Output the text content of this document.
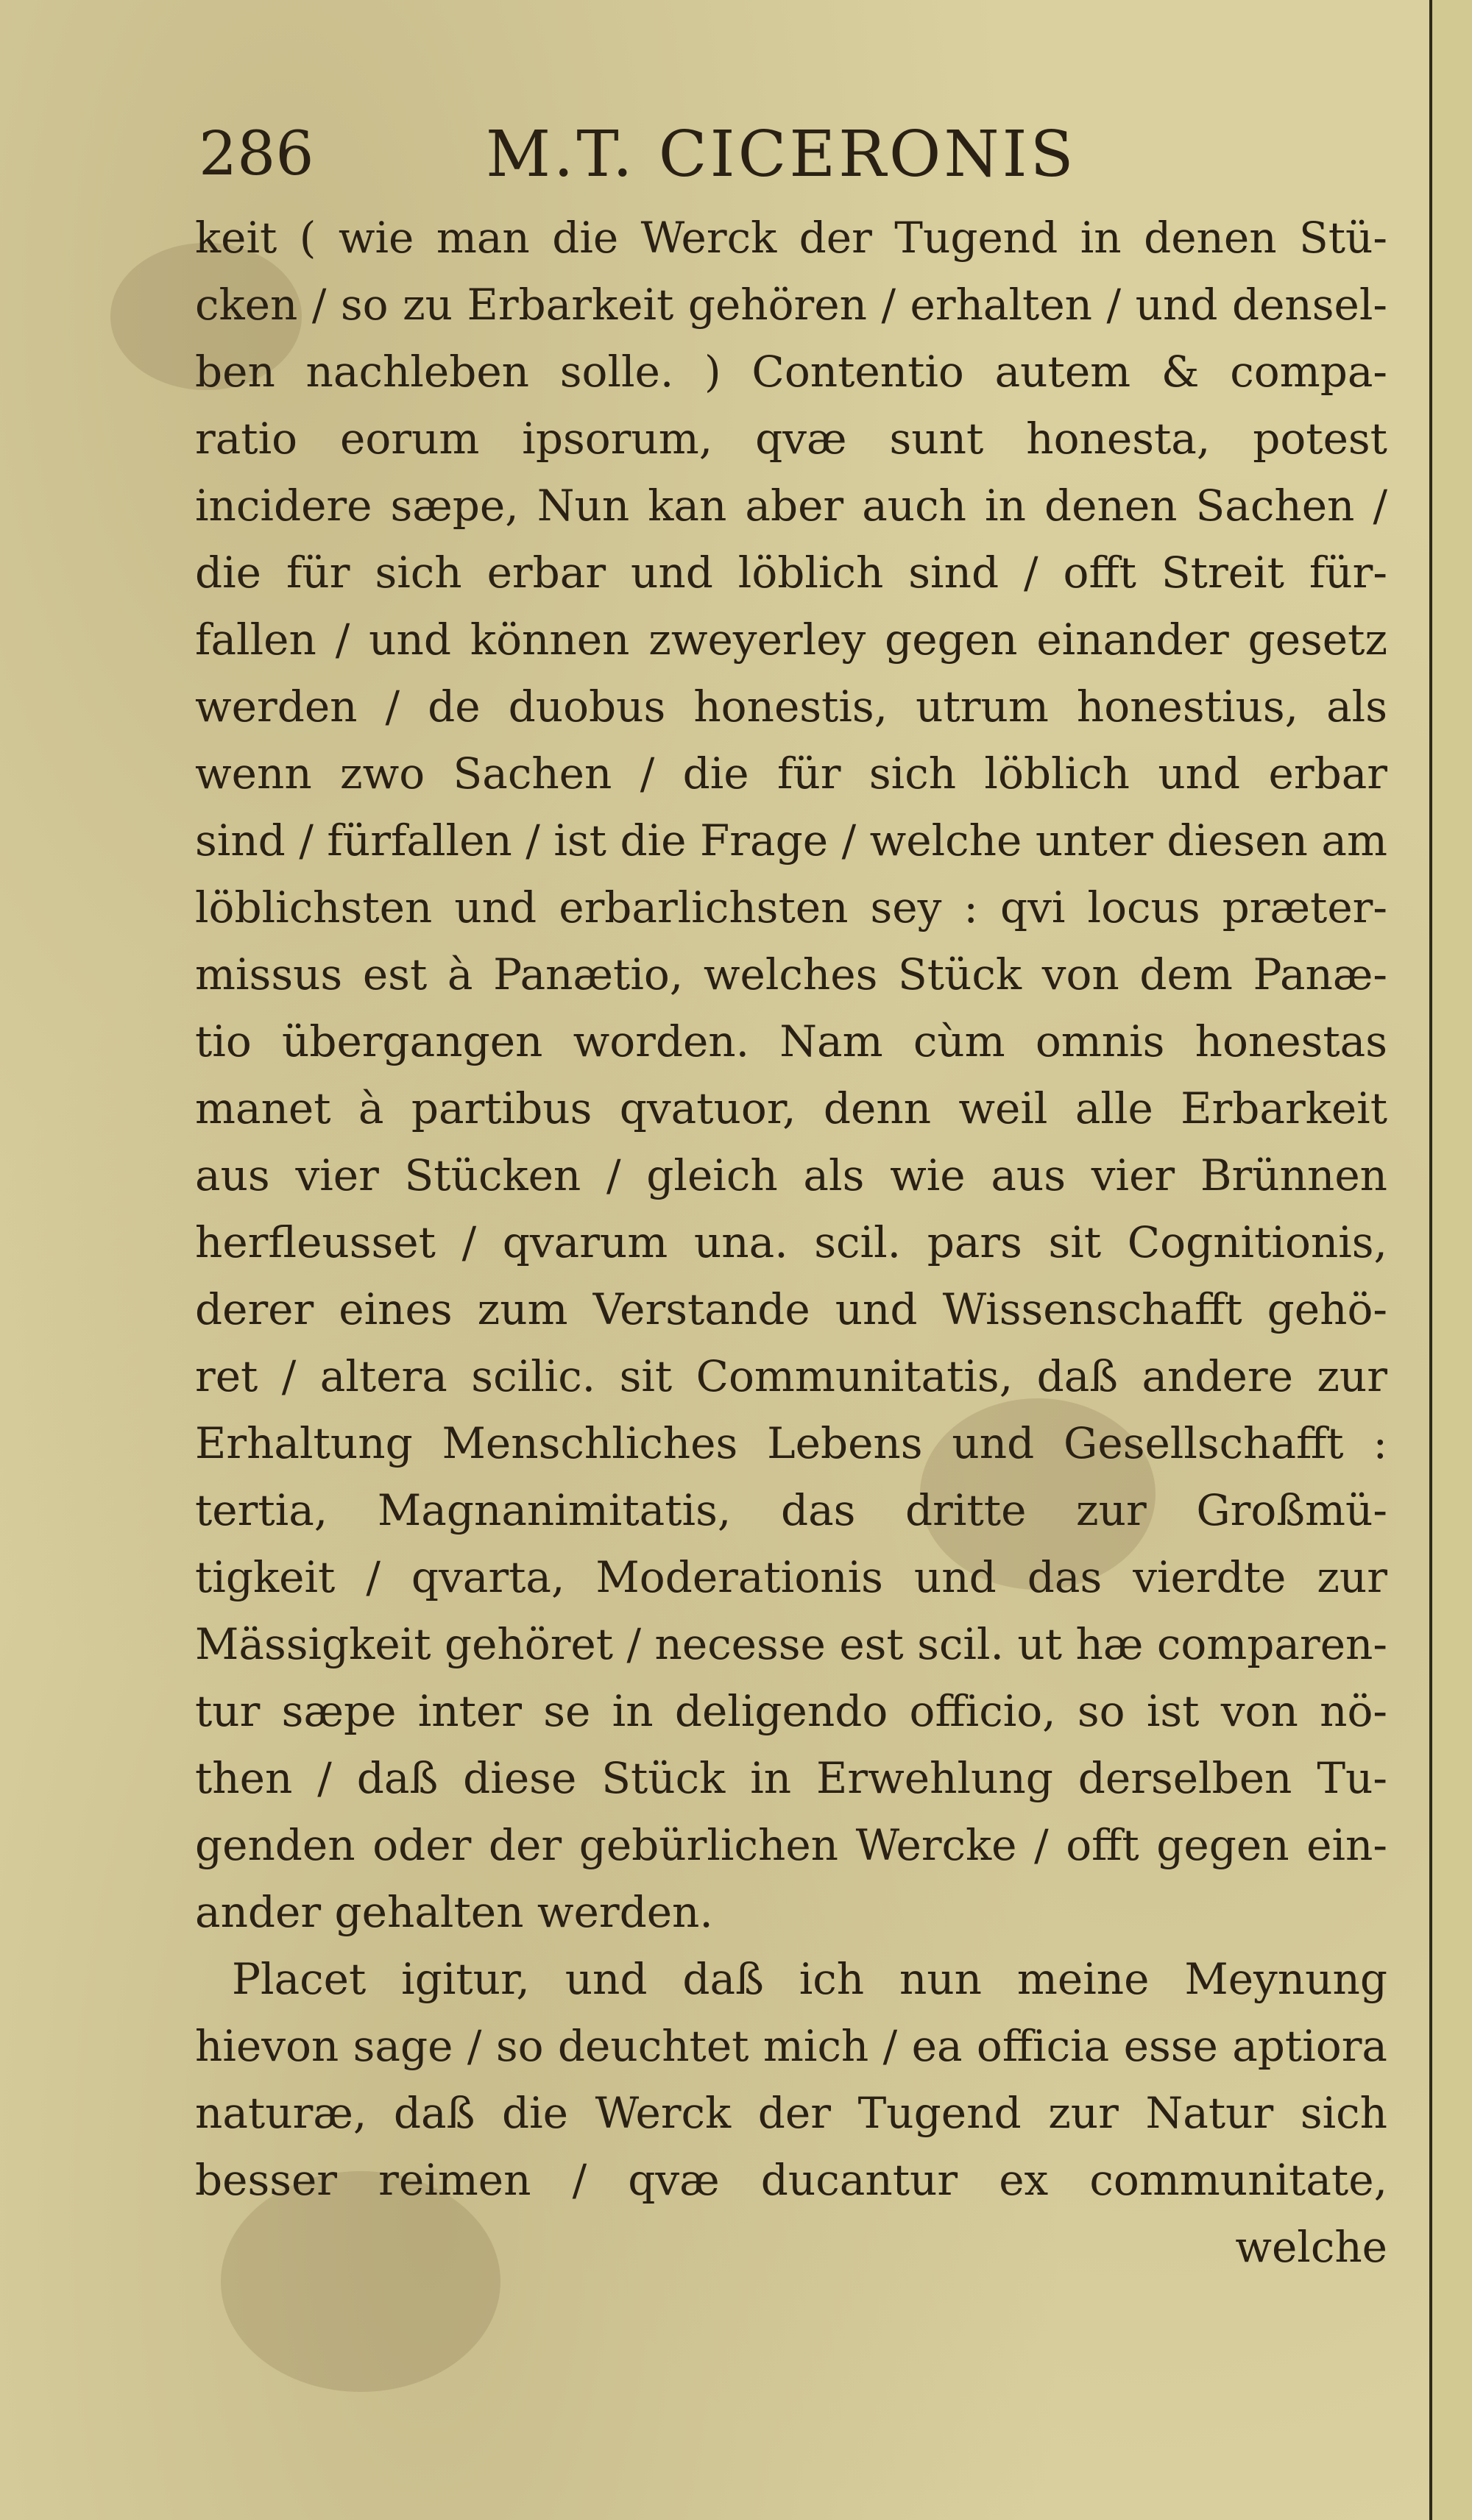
286	M.T. CICERONIS
keit ( wie man die Werck der Tugend in denen Stü-
cken / so zu Erbarkeit gehören / erhalten / und densel-
ben nachleben solle. ) Contentio autem & compa-
ratio eorum ipsorum, qvæ sunt honesta, potest
incidere sæpe, Nun kan aber auch in denen Sachen /
die für sich erbar und löblich sind / offt Streit für-
fallen / und können zweyerley gegen einander gesetz
werden / de duobus honestis, utrum honestius, als
wenn zwo Sachen / die für sich löblich und erbar
sind / fürfallen / ist die Frage / welche unter diesen am
löblichsten und erbarlichsten sey : qvi locus præter-
missus est à Panætio, welches Stück von dem Panæ-
tio übergangen worden. Nam cùm omnis honestas
manet à partibus qvatuor, denn weil alle Erbarkeit
aus vier Stücken / gleich als wie aus vier Brünnen
herfleusset / qvarum una. scil. pars sit Cognitionis,
derer eines zum Verstande und Wissenschafft gehö-
ret / altera scilic. sit Communitatis, daß andere zur
Erhaltung Menschliches Lebens und Gesellschafft :
tertia, Magnanimitatis, das dritte zur Großmü-
tigkeit / qvarta, Moderationis und das vierdte zur
Mässigkeit gehöret / necesse est scil. ut hæ comparen-
tur sæpe inter se in deligendo officio, so ist von nö-
then / daß diese Stück in Erwehlung derselben Tu-
genden oder der gebürlichen Wercke / offt gegen ein-
ander gehalten werden.
Placet igitur, und daß ich nun meine Meynung
hievon sage / so deuchtet mich / ea officia esse aptiora
naturæ, daß die Werck der Tugend zur Natur sich
besser reimen / qvæ ducantur ex communitate,
welche
